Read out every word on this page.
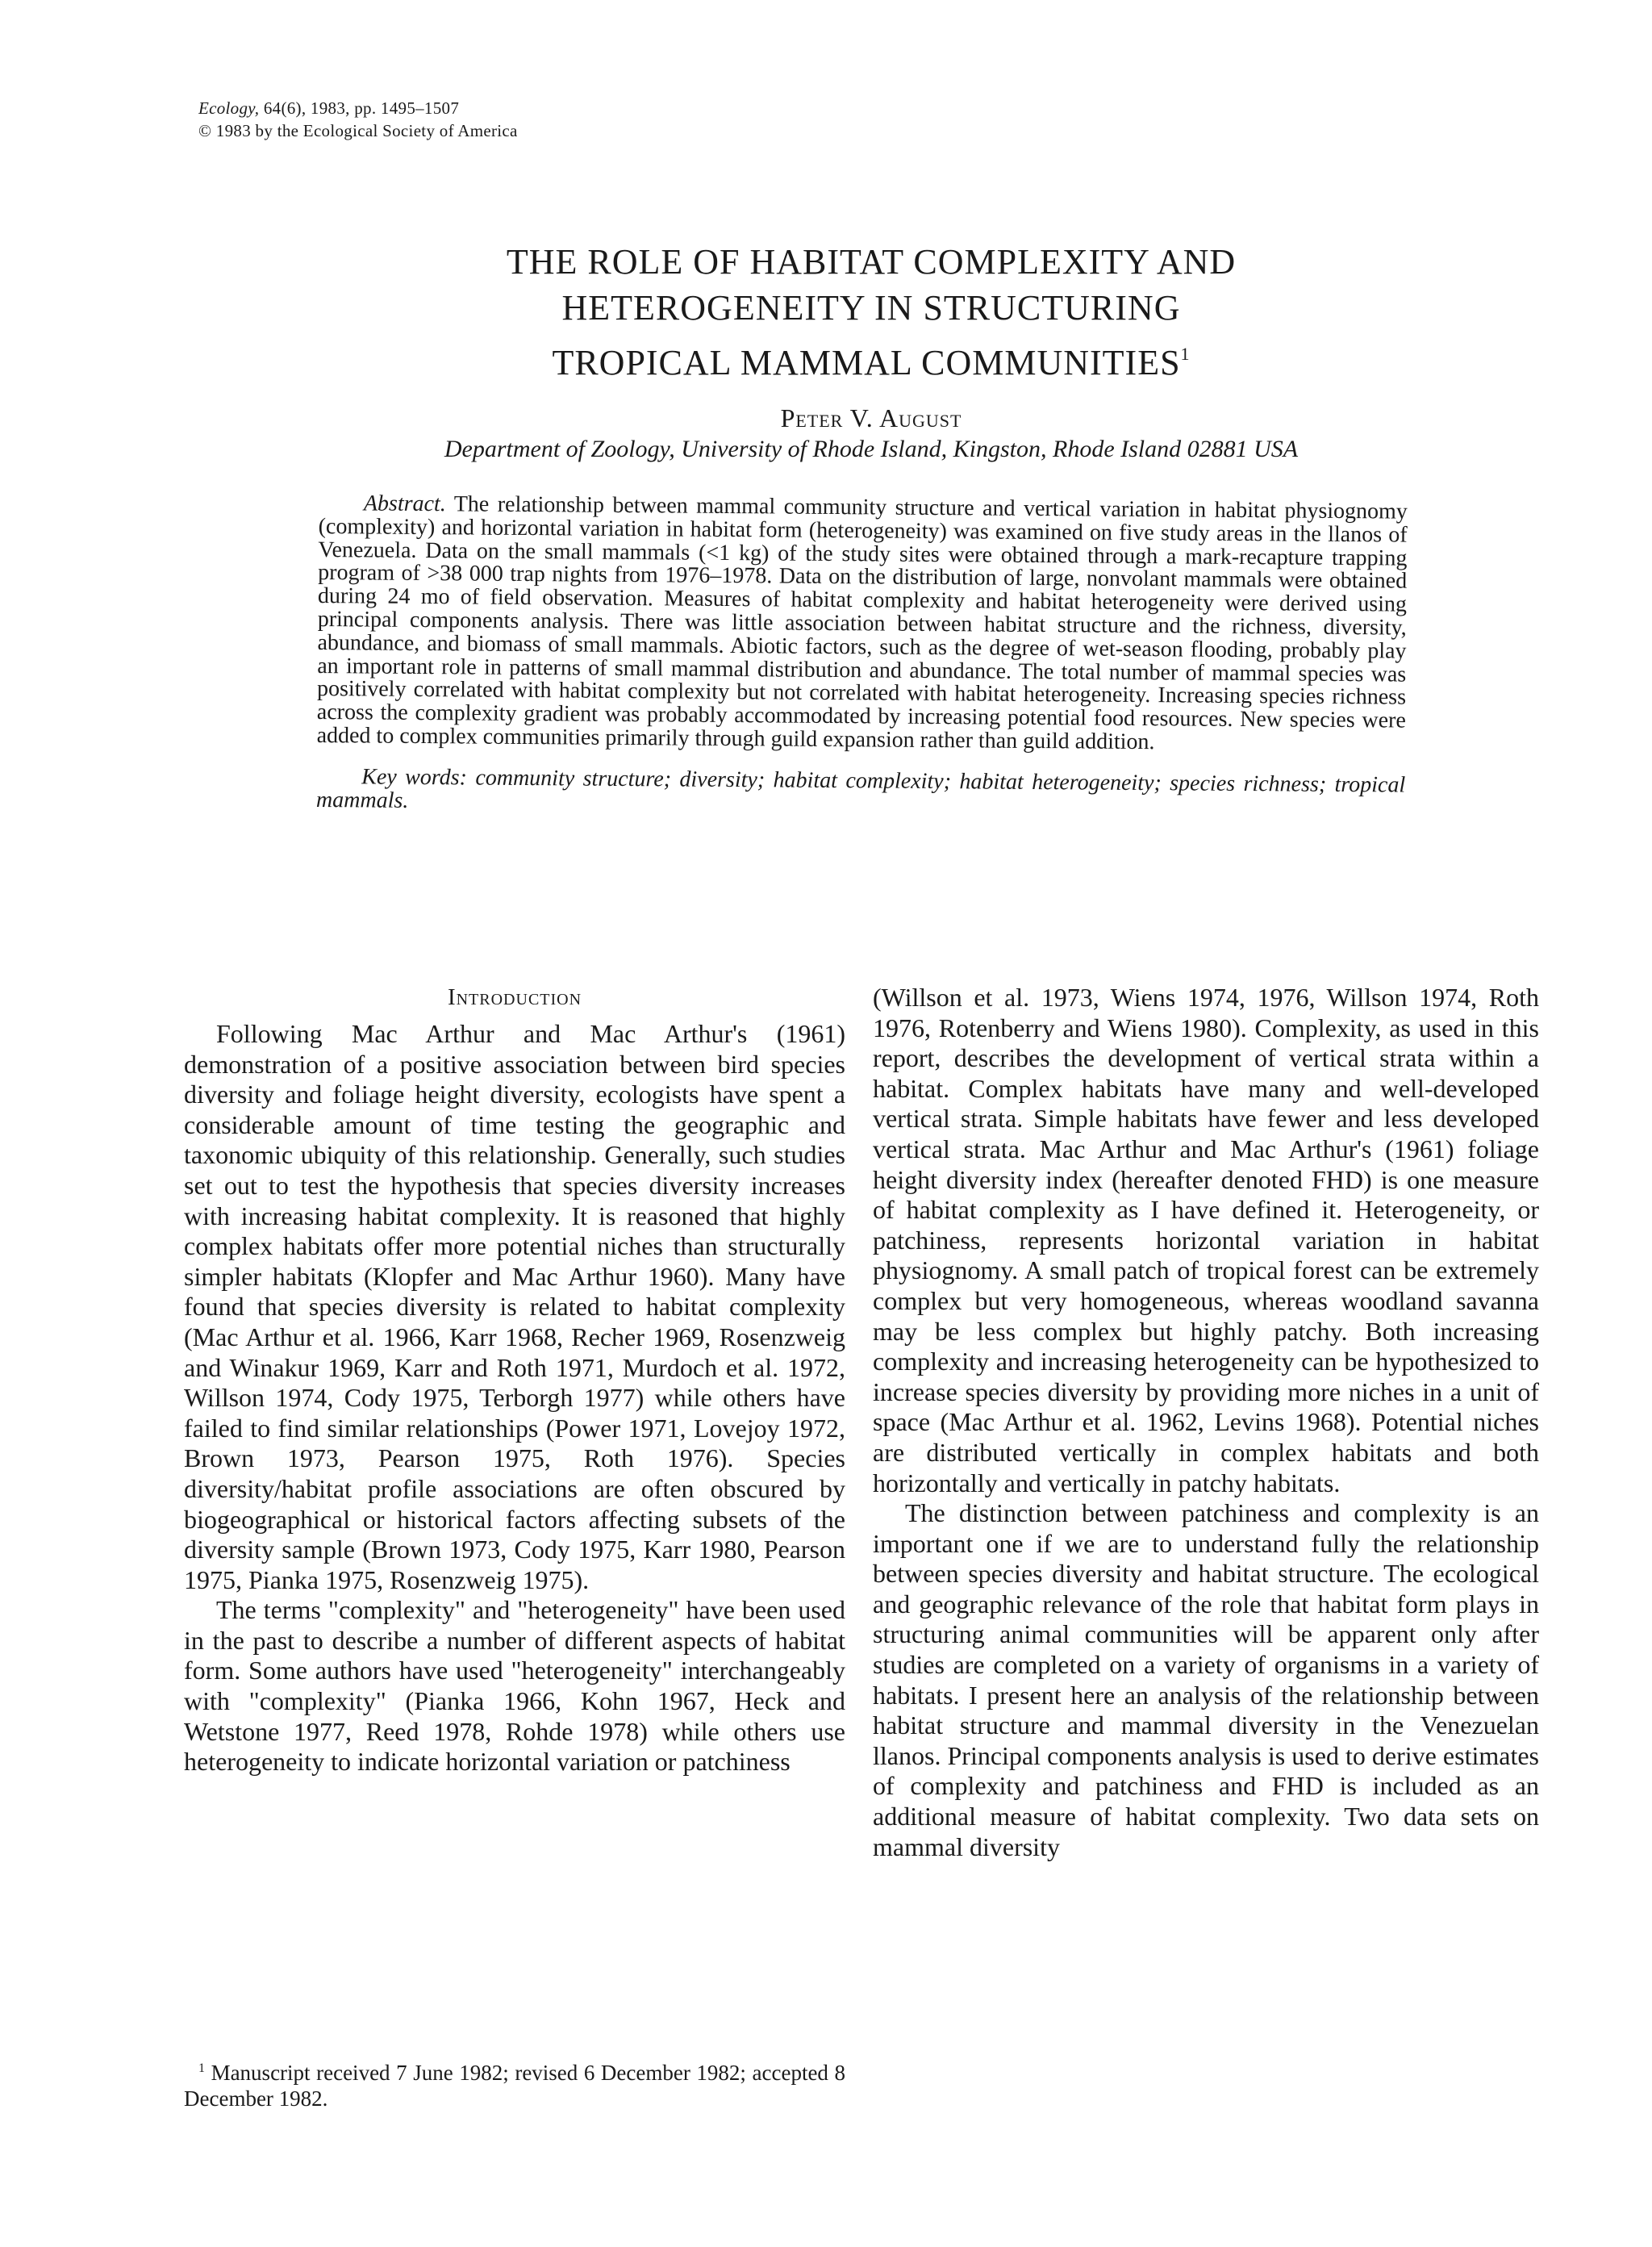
Ecology, 64(6), 1983, pp. 1495–1507
© 1983 by the Ecological Society of America

THE ROLE OF HABITAT COMPLEXITY AND

HETEROGENEITY IN STRUCTURING

TROPICAL MAMMAL COMMUNITIES$^1$

Peter V. August
Department of Zoology, University of Rhode Island, Kingston, Rhode Island 02881 USA

Abstract. The relationship between mammal community structure and vertical variation in habitat physiognomy (complexity) and horizontal variation in habitat form (heterogeneity) was examined on five study areas in the llanos of Venezuela. Data on the small mammals (<1 kg) of the study sites were obtained through a mark-recapture trapping program of >38 000 trap nights from 1976–1978. Data on the distribution of large, nonvolant mammals were obtained during 24 mo of field observation. Measures of habitat complexity and habitat heterogeneity were derived using principal components analysis. There was little association between habitat structure and the richness, diversity, abundance, and biomass of small mammals. Abiotic factors, such as the degree of wet-season flooding, probably play an important role in patterns of small mammal distribution and abundance. The total number of mammal species was positively correlated with habitat complexity but not correlated with habitat heterogeneity. Increasing species richness across the complexity gradient was probably accommodated by increasing potential food resources. New species were added to complex communities primarily through guild expansion rather than guild addition.

Key words: community structure; diversity; habitat complexity; habitat heterogeneity; species richness; tropical mammals.

Introduction

Following Mac Arthur and Mac Arthur's (1961) demonstration of a positive association between bird species diversity and foliage height diversity, ecologists have spent a considerable amount of time testing the geographic and taxonomic ubiquity of this relationship. Generally, such studies set out to test the hypothesis that species diversity increases with increasing habitat complexity. It is reasoned that highly complex habitats offer more potential niches than structurally simpler habitats (Klopfer and Mac Arthur 1960). Many have found that species diversity is related to habitat complexity (Mac Arthur et al. 1966, Karr 1968, Recher 1969, Rosenzweig and Winakur 1969, Karr and Roth 1971, Murdoch et al. 1972, Willson 1974, Cody 1975, Terborgh 1977) while others have failed to find similar relationships (Power 1971, Lovejoy 1972, Brown 1973, Pearson 1975, Roth 1976). Species diversity/habitat profile associations are often obscured by biogeographical or historical factors affecting subsets of the diversity sample (Brown 1973, Cody 1975, Karr 1980, Pearson 1975, Pianka 1975, Rosenzweig 1975).

The terms "complexity" and "heterogeneity" have been used in the past to describe a number of different aspects of habitat form. Some authors have used "heterogeneity" interchangeably with "complexity" (Pianka 1966, Kohn 1967, Heck and Wetstone 1977, Reed 1978, Rohde 1978) while others use heterogeneity to indicate horizontal variation or patchiness

(Willson et al. 1973, Wiens 1974, 1976, Willson 1974, Roth 1976, Rotenberry and Wiens 1980). Complexity, as used in this report, describes the development of vertical strata within a habitat. Complex habitats have many and well-developed vertical strata. Simple habitats have fewer and less developed vertical strata. Mac Arthur and Mac Arthur's (1961) foliage height diversity index (hereafter denoted FHD) is one measure of habitat complexity as I have defined it. Heterogeneity, or patchiness, represents horizontal variation in habitat physiognomy. A small patch of tropical forest can be extremely complex but very homogeneous, whereas woodland savanna may be less complex but highly patchy. Both increasing complexity and increasing heterogeneity can be hypothesized to increase species diversity by providing more niches in a unit of space (Mac Arthur et al. 1962, Levins 1968). Potential niches are distributed vertically in complex habitats and both horizontally and vertically in patchy habitats.

The distinction between patchiness and complexity is an important one if we are to understand fully the relationship between species diversity and habitat structure. The ecological and geographic relevance of the role that habitat form plays in structuring animal communities will be apparent only after studies are completed on a variety of organisms in a variety of habitats. I present here an analysis of the relationship between habitat structure and mammal diversity in the Venezuelan llanos. Principal components analysis is used to derive estimates of complexity and patchiness and FHD is included as an additional measure of habitat complexity. Two data sets on mammal diversity

$^1$ Manuscript received 7 June 1982; revised 6 December 1982; accepted 8 December 1982.
